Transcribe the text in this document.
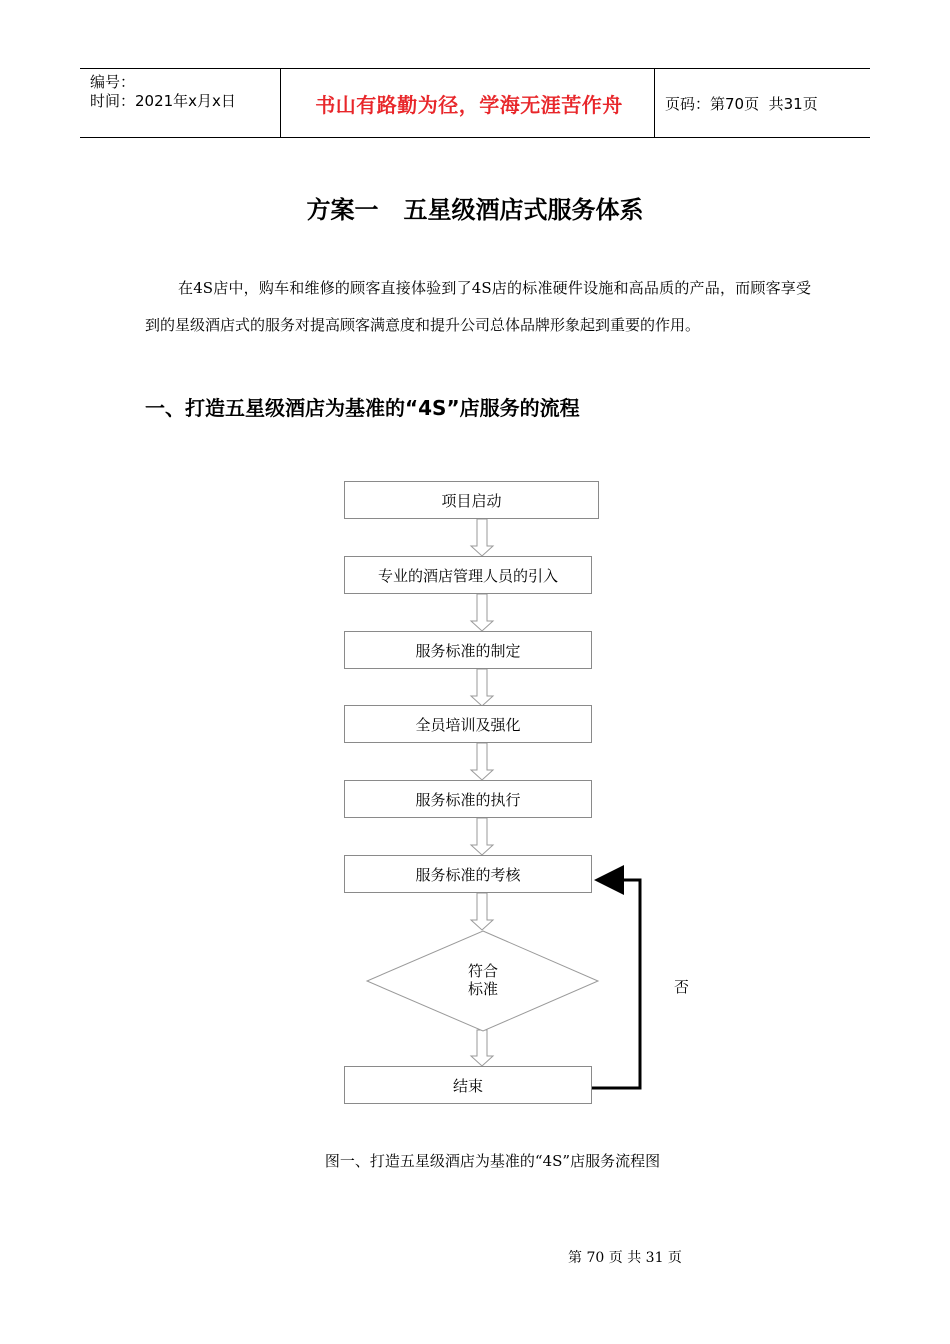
编号：
时间：2021年x月x日	书山有路勤为径，学海无涯苦作舟	页码：第70页  共31页
方案一   五星级酒店式服务体系
在4S店中，购车和维修的顾客直接体验到了4S店的标准硬件设施和高品质的产品，而顾客享受到的星级酒店式的服务对提高顾客满意度和提升公司总体品牌形象起到重要的作用。
一、打造五星级酒店为基准的“4S”店服务的流程
项目启动
专业的酒店管理人员的引入
服务标准的制定
全员培训及强化
服务标准的执行
服务标准的考核
符合
标准
结束
否
图一、打造五星级酒店为基准的“4S”店服务流程图
第 70 页 共 31 页
